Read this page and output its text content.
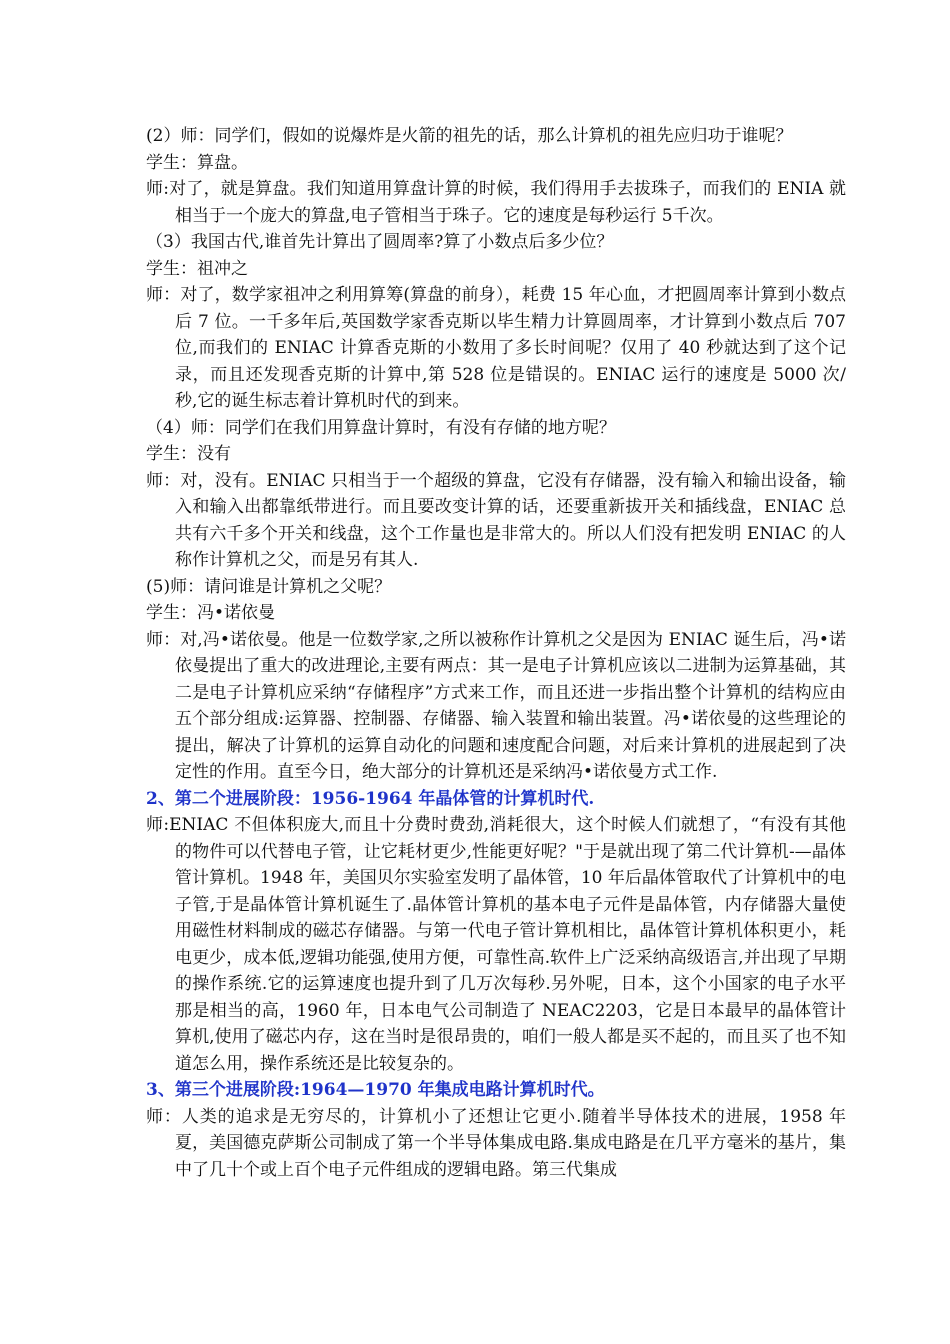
(2）师：同学们，假如的说爆炸是火箭的祖先的话，那么计算机的祖先应归功于谁呢？

学生：算盘。

师:对了，就是算盘。我们知道用算盘计算的时候，我们得用手去拔珠子，而我们的 ENIA 就相当于一个庞大的算盘,电子管相当于珠子。它的速度是每秒运行 5千次。

（3）我国古代,谁首先计算出了圆周率?算了小数点后多少位？

学生：祖冲之

师：对了，数学家祖冲之利用算筹(算盘的前身），耗费 15 年心血，才把圆周率计算到小数点后 7 位。一千多年后,英国数学家香克斯以毕生精力计算圆周率，才计算到小数点后 707 位,而我们的 ENIAC 计算香克斯的小数用了多长时间呢？仅用了 40 秒就达到了这个记录，而且还发现香克斯的计算中,第 528 位是错误的。ENIAC 运行的速度是 5000 次/秒,它的诞生标志着计算机时代的到来。

（4）师：同学们在我们用算盘计算时，有没有存储的地方呢？

学生：没有

师：对，没有。ENIAC 只相当于一个超级的算盘，它没有存储器，没有输入和输出设备，输入和输入出都靠纸带进行。而且要改变计算的话，还要重新拔开关和插线盘，ENIAC 总共有六千多个开关和线盘，这个工作量也是非常大的。所以人们没有把发明 ENIAC 的人称作计算机之父，而是另有其人.

(5)师：请问谁是计算机之父呢？

学生：冯•诺依曼

师：对,冯•诺依曼。他是一位数学家,之所以被称作计算机之父是因为 ENIAC 诞生后，冯•诺依曼提出了重大的改进理论,主要有两点：其一是电子计算机应该以二进制为运算基础，其二是电子计算机应采纳“存储程序”方式来工作，而且还进一步指出整个计算机的结构应由五个部分组成:运算器、控制器、存储器、输入装置和输出装置。冯•诺依曼的这些理论的提出，解决了计算机的运算自动化的问题和速度配合问题，对后来计算机的进展起到了决定性的作用。直至今日，绝大部分的计算机还是采纳冯•诺依曼方式工作.

2、第二个进展阶段：1956-1964 年晶体管的计算机时代.

师:ENIAC 不但体积庞大,而且十分费时费劲,消耗很大，这个时候人们就想了，“有没有其他的物件可以代替电子管，让它耗材更少,性能更好呢？"于是就出现了第二代计算机-—晶体管计算机。1948 年，美国贝尔实验室发明了晶体管，10 年后晶体管取代了计算机中的电子管,于是晶体管计算机诞生了.晶体管计算机的基本电子元件是晶体管，内存储器大量使用磁性材料制成的磁芯存储器。与第一代电子管计算机相比，晶体管计算机体积更小，耗电更少，成本低,逻辑功能强,使用方便，可靠性高.软件上广泛采纳高级语言,并出现了早期的操作系统.它的运算速度也提升到了几万次每秒.另外呢，日本，这个小国家的电子水平那是相当的高，1960 年，日本电气公司制造了 NEAC2203，它是日本最早的晶体管计算机,使用了磁芯内存，这在当时是很昂贵的，咱们一般人都是买不起的，而且买了也不知道怎么用，操作系统还是比较复杂的。

3、第三个进展阶段:1964—1970 年集成电路计算机时代。

师：人类的追求是无穷尽的，计算机小了还想让它更小.随着半导体技术的进展，1958 年夏，美国德克萨斯公司制成了第一个半导体集成电路.集成电路是在几平方毫米的基片，集中了几十个或上百个电子元件组成的逻辑电路。第三代集成
